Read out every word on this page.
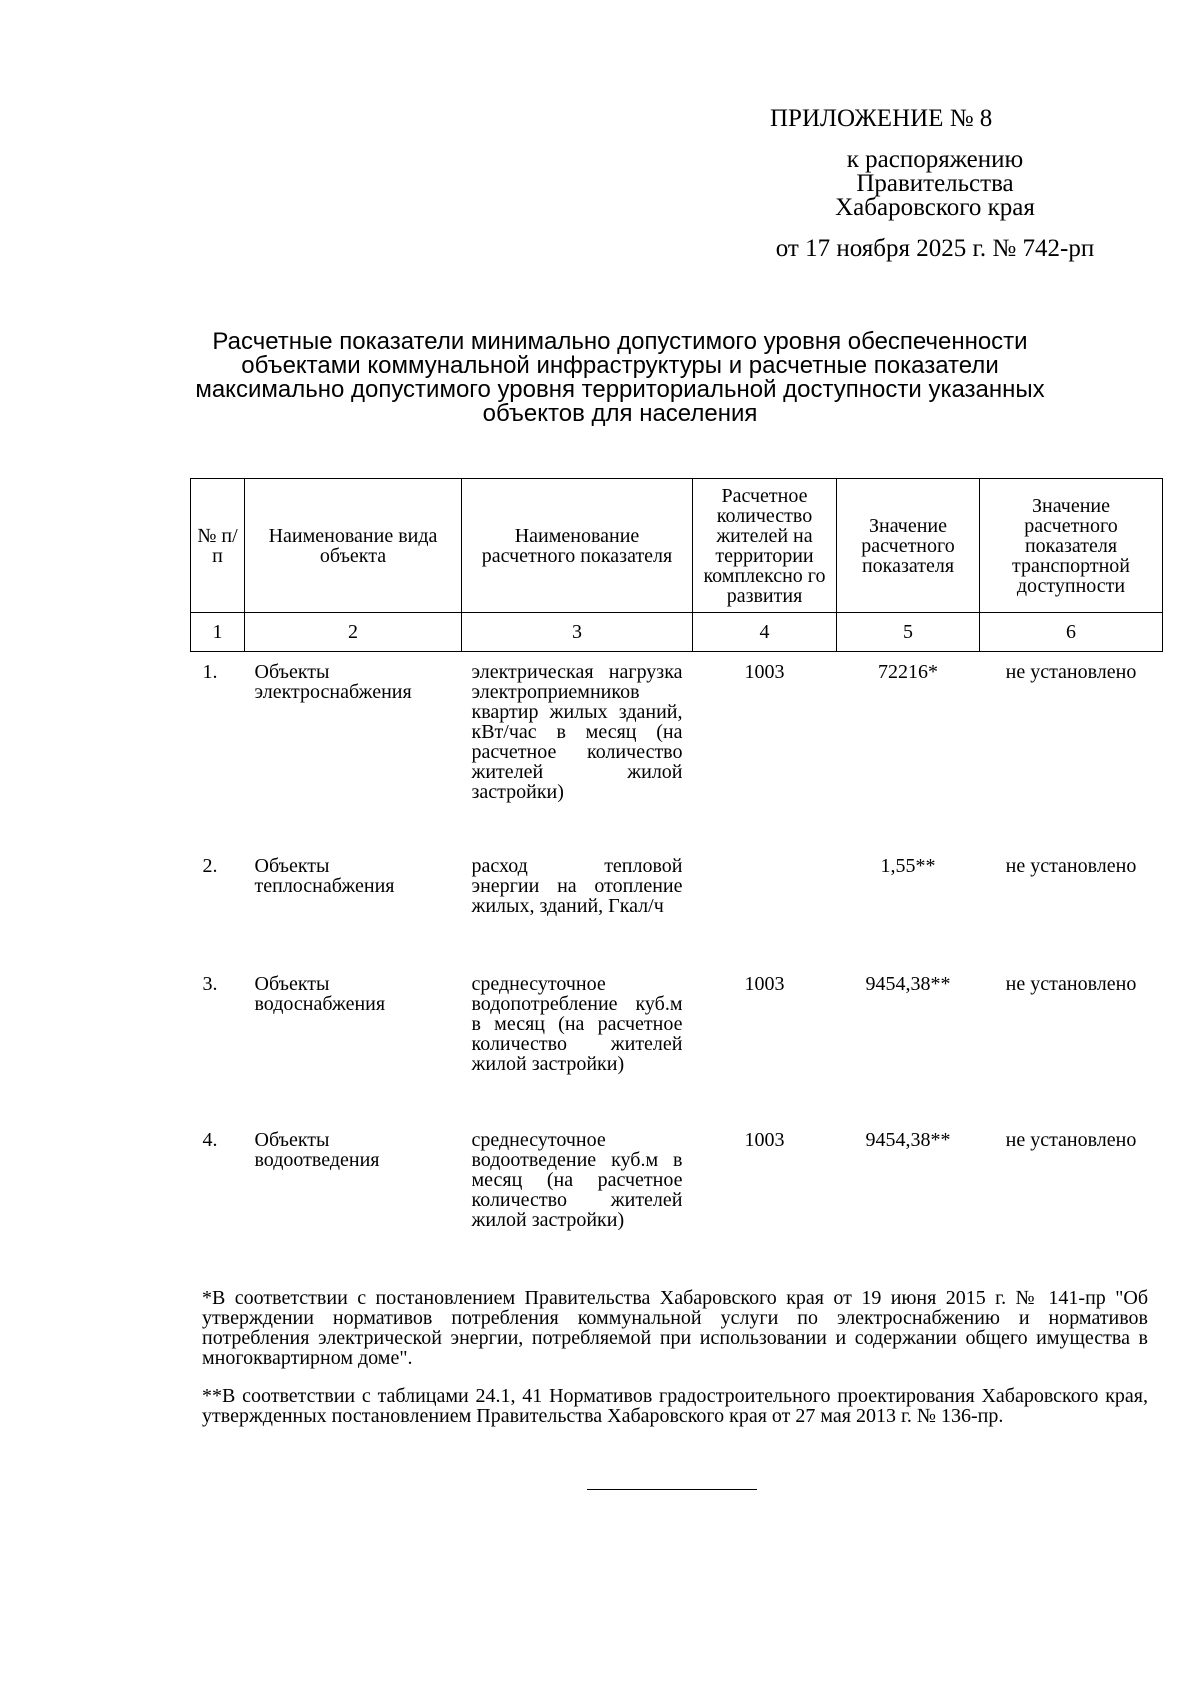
ПРИЛОЖЕНИЕ № 8
к распоряжению
Правительства
Хабаровского края
от 17 ноября 2025 г. № 742-рп
Расчетные показатели минимально допустимого уровня обеспеченности объектами коммунальной инфраструктуры и расчетные показатели максимально допустимого уровня территориальной доступности указанных объектов для населения
№ п/п	Наименование вида объекта	Наименование расчетного показателя	Расчетное количество жителей на территории комплексно го развития	Значение расчетного показателя	Значение расчетного показателя транспортной доступности
1	2	3	4	5	6
1.	Объекты электроснабжения	электрическая нагрузка электроприемников квартир жилых зданий, кВт/час в месяц (на расчетное количество жителей жилой застройки)	1003	72216*	не установлено
2.	Объекты теплоснабжения	расход тепловой энергии на отопление жилых, зданий, Гкал/ч		1,55**	не установлено
3.	Объекты водоснабжения	среднесуточное водопотребление куб.м в месяц (на расчетное количество жителей жилой застройки)	1003	9454,38**	не установлено
4.	Объекты водоотведения	среднесуточное водоотведение куб.м в месяц (на расчетное количество жителей жилой застройки)	1003	9454,38**	не установлено

*В соответствии с постановлением Правительства Хабаровского края от 19 июня 2015 г. № 141-пр "Об утверждении нормативов потребления коммунальной услуги по электроснабжению и нормативов потребления электрической энергии, потребляемой при использовании и содержании общего имущества в многоквартирном доме".

**В соответствии с таблицами 24.1, 41 Нормативов градостроительного проектирования Хабаровского края, утвержденных постановлением Правительства Хабаровского края от 27 мая 2013 г. № 136-пр.
